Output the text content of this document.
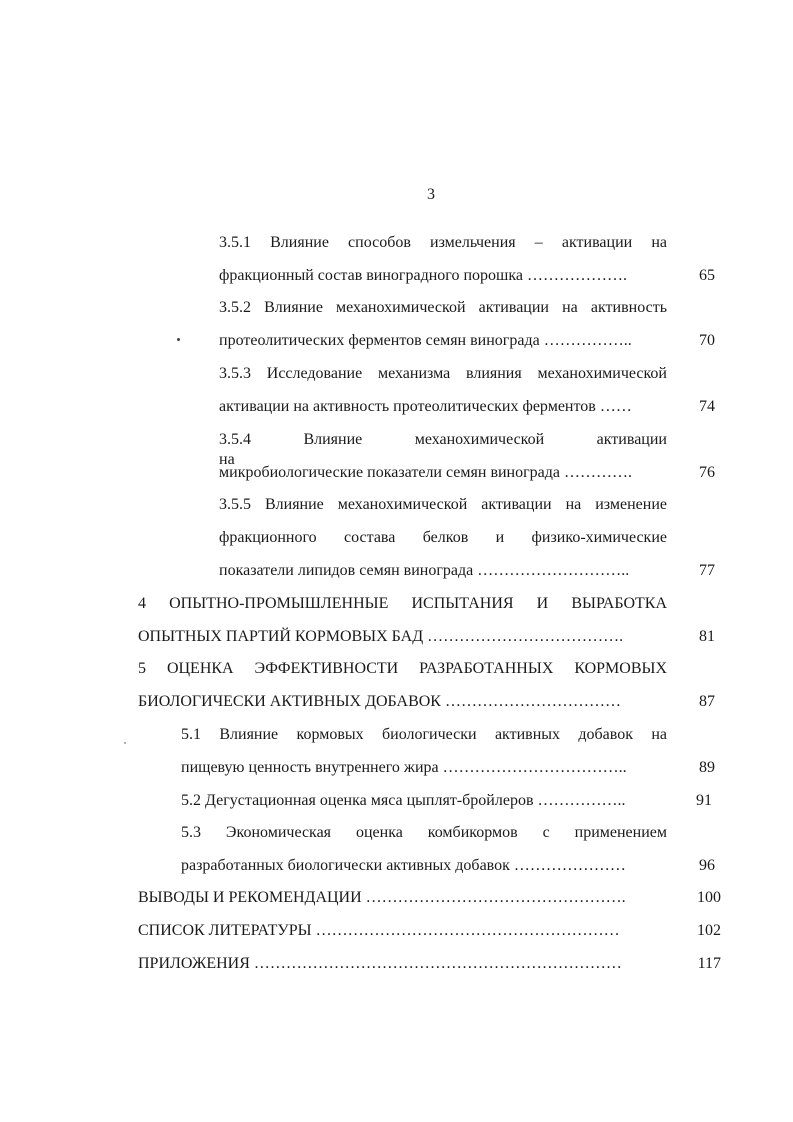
3
3.5.1 Влияние способов измельчения – активации на
фракционный состав виноградного порошка ……………….	65
3.5.2 Влияние механохимической активации на активность
протеолитических ферментов семян винограда ……………..	70
3.5.3 Исследование механизма влияния механохимической
активации на активность протеолитических ферментов ……	74
3.5.4 Влияние механохимической активации на
микробиологические показатели семян винограда ………….	76
3.5.5 Влияние механохимической активации на изменение
фракционного состава белков и физико-химические
показатели липидов семян винограда ………………………..	77
4 ОПЫТНО-ПРОМЫШЛЕННЫЕ ИСПЫТАНИЯ И ВЫРАБОТКА
ОПЫТНЫХ ПАРТИЙ КОРМОВЫХ БАД ……………………………….	81
5 ОЦЕНКА ЭФФЕКТИВНОСТИ РАЗРАБОТАННЫХ КОРМОВЫХ
БИОЛОГИЧЕСКИ АКТИВНЫХ ДОБАВОК ……………………………	87
5.1 Влияние кормовых биологически активных добавок на
пищевую ценность внутреннего жира ……………………………..	89
5.2 Дегустационная оценка мяса цыплят-бройлеров ……………..	91
5.3 Экономическая оценка комбикормов с применением
разработанных биологически активных добавок …………………	96
ВЫВОДЫ И РЕКОМЕНДАЦИИ ………………………………………….	100
СПИСОК ЛИТЕРАТУРЫ …………………………………………………	102
ПРИЛОЖЕНИЯ ……………………………………………………………	117
